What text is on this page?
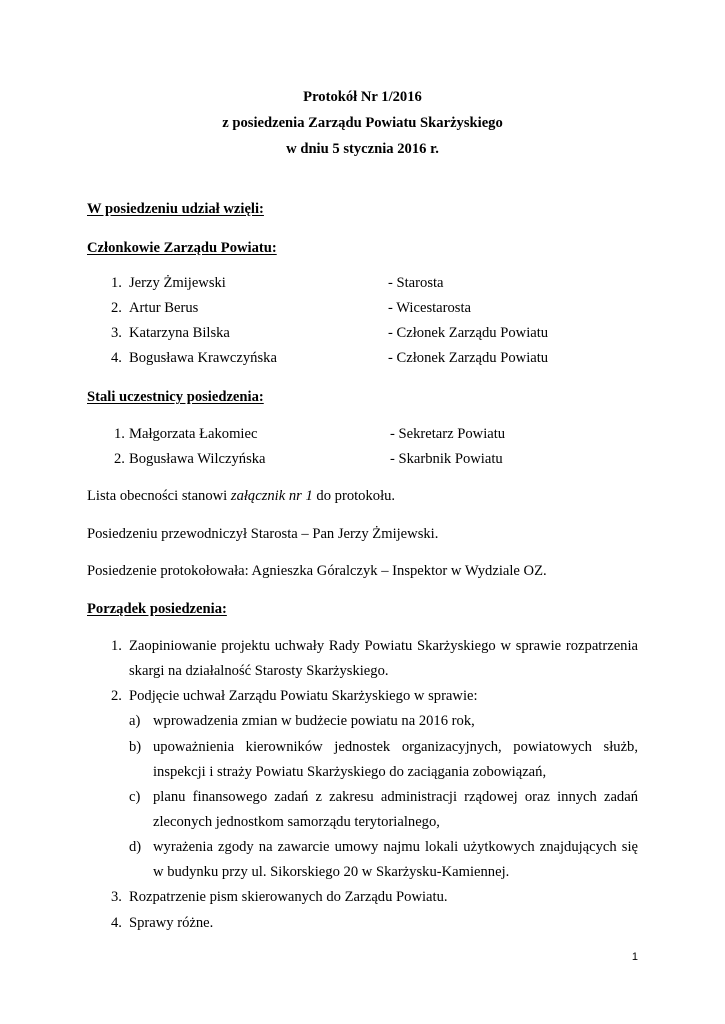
Protokół Nr 1/2016
z posiedzenia Zarządu Powiatu Skarżyskiego
w dniu 5 stycznia 2016 r.
W posiedzeniu udział wzięli:
Członkowie Zarządu Powiatu:
1. Jerzy Żmijewski	- Starosta
2. Artur Berus	- Wicestarosta
3. Katarzyna Bilska	- Członek Zarządu Powiatu
4. Bogusława Krawczyńska	- Członek Zarządu Powiatu
Stali uczestnicy posiedzenia:
1. Małgorzata Łakomiec	- Sekretarz Powiatu
2. Bogusława Wilczyńska	- Skarbnik Powiatu
Lista obecności stanowi załącznik nr 1 do protokołu.
Posiedzeniu przewodniczył Starosta – Pan Jerzy Żmijewski.
Posiedzenie protokołowała: Agnieszka Góralczyk – Inspektor w Wydziale OZ.
Porządek posiedzenia:
1. Zaopiniowanie projektu uchwały Rady Powiatu Skarżyskiego w sprawie rozpatrzenia
skargi na działalność Starosty Skarżyskiego.
2. Podjęcie uchwał Zarządu Powiatu Skarżyskiego w sprawie:
a) wprowadzenia zmian w budżecie powiatu na 2016 rok,
b) upoważnienia kierowników jednostek organizacyjnych, powiatowych służb,
inspekcji i straży Powiatu Skarżyskiego do zaciągania zobowiązań,
c) planu finansowego zadań z zakresu administracji rządowej oraz innych zadań
zleconych jednostkom samorządu terytorialnego,
d) wyrażenia zgody na zawarcie umowy najmu lokali użytkowych znajdujących się
w budynku przy ul. Sikorskiego 20 w Skarżysku-Kamiennej.
3. Rozpatrzenie pism skierowanych do Zarządu Powiatu.
4. Sprawy różne.
1
